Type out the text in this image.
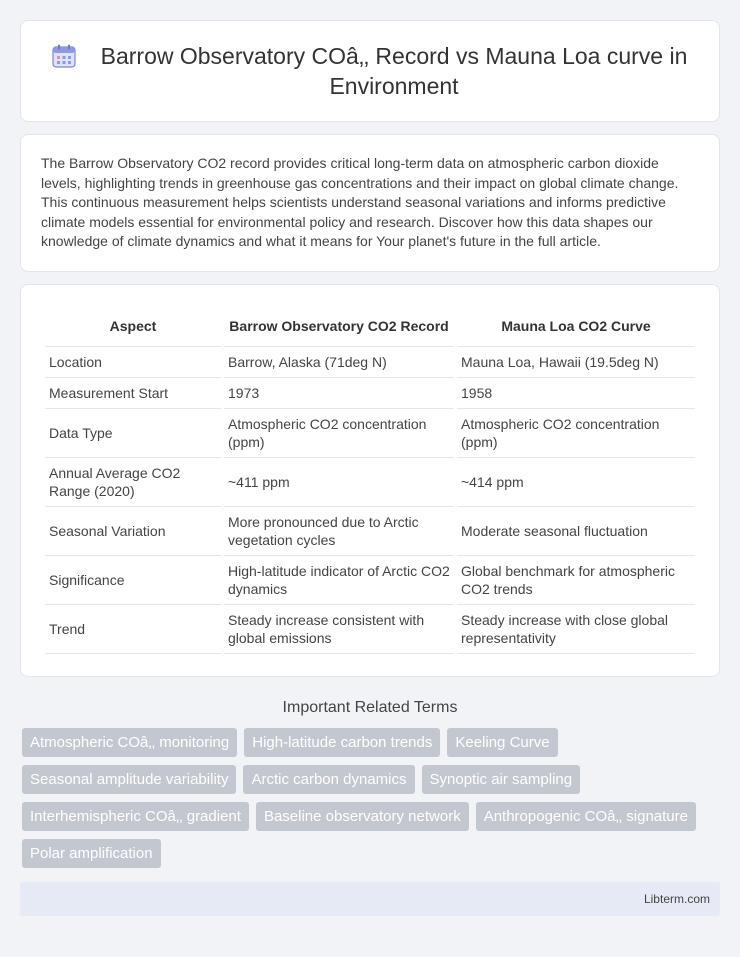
Barrow Observatory COâ‚‚ Record vs Mauna Loa curve in Environment

The Barrow Observatory CO2 record provides critical long-term data on atmospheric carbon dioxide levels, highlighting trends in greenhouse gas concentrations and their impact on global climate change. This continuous measurement helps scientists understand seasonal variations and informs predictive climate models essential for environmental policy and research. Discover how this data shapes our knowledge of climate dynamics and what it means for Your planet's future in the full article.

Aspect	Barrow Observatory CO2 Record	Mauna Loa CO2 Curve
Location	Barrow, Alaska (71deg N)	Mauna Loa, Hawaii (19.5deg N)
Measurement Start	1973	1958
Data Type	Atmospheric CO2 concentration (ppm)	Atmospheric CO2 concentration (ppm)
Annual Average CO2 Range (2020)	~411 ppm	~414 ppm
Seasonal Variation	More pronounced due to Arctic vegetation cycles	Moderate seasonal fluctuation
Significance	High-latitude indicator of Arctic CO2 dynamics	Global benchmark for atmospheric CO2 trends
Trend	Steady increase consistent with global emissions	Steady increase with close global representativity
Important Related Terms
Atmospheric COâ‚‚ monitoring	High-latitude carbon trends	Keeling Curve
Seasonal amplitude variability	Arctic carbon dynamics	Synoptic air sampling
Interhemispheric COâ‚‚ gradient	Baseline observatory network	Anthropogenic COâ‚‚ signature
Polar amplification
Libterm.com
